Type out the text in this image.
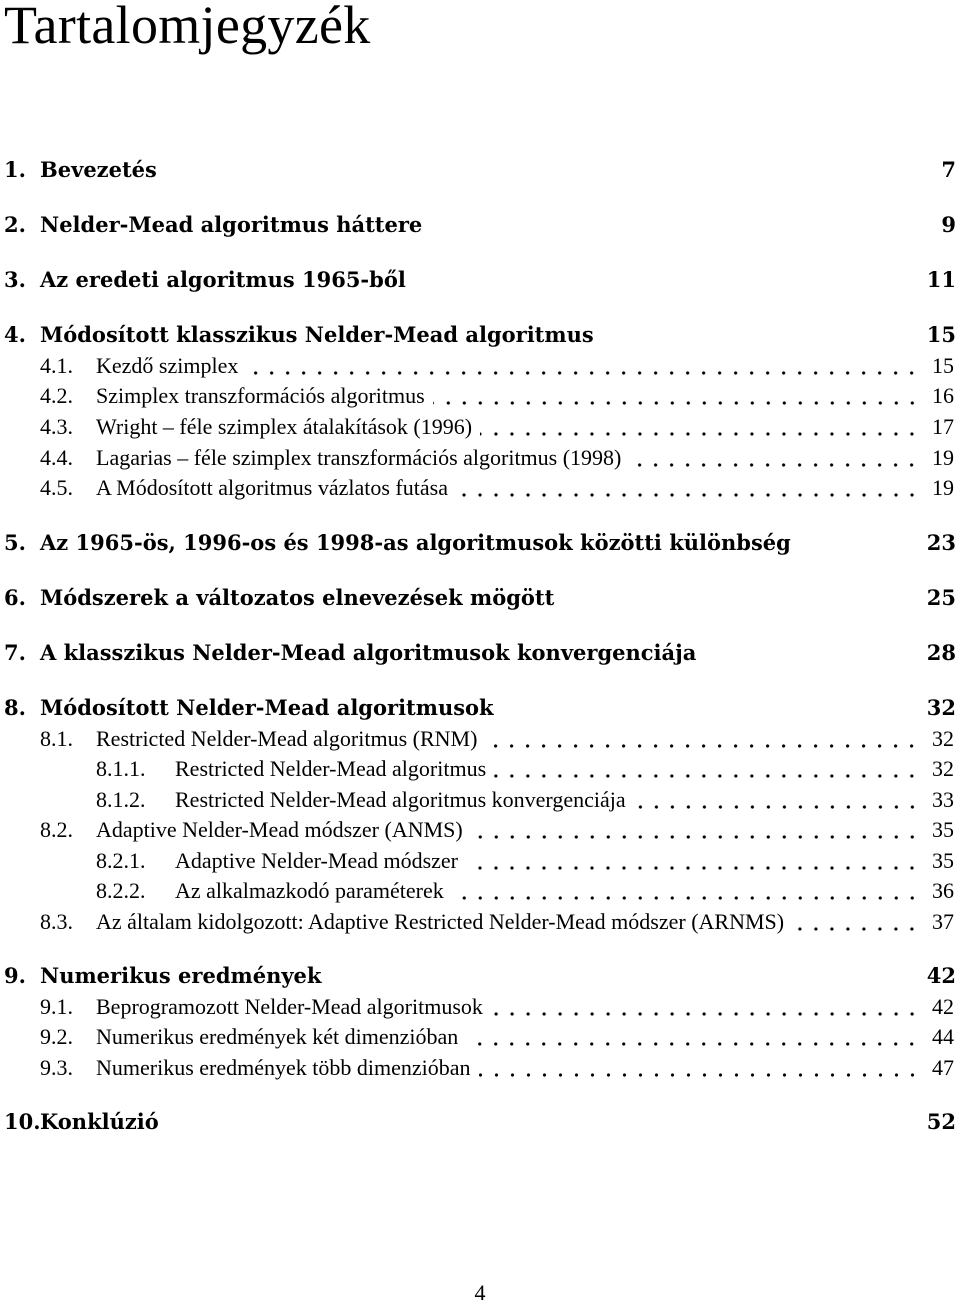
Tartalomjegyzék
1. Bevezetés	7
2. Nelder-Mead algoritmus háttere	9
3. Az eredeti algoritmus 1965-ből	11
4. Módosított klasszikus Nelder-Mead algoritmus	15
4.1. Kezdő szimplex	15
4.2. Szimplex transzformációs algoritmus	16
4.3. Wright – féle szimplex átalakítások (1996)	17
4.4. Lagarias – féle szimplex transzformációs algoritmus (1998)	19
4.5. A Módosított algoritmus vázlatos futása	19
5. Az 1965-ös, 1996-os és 1998-as algoritmusok közötti különbség	23
6. Módszerek a változatos elnevezések mögött	25
7. A klasszikus Nelder-Mead algoritmusok konvergenciája	28
8. Módosított Nelder-Mead algoritmusok	32
8.1. Restricted Nelder-Mead algoritmus (RNM)	32
8.1.1. Restricted Nelder-Mead algoritmus	32
8.1.2. Restricted Nelder-Mead algoritmus konvergenciája	33
8.2. Adaptive Nelder-Mead módszer (ANMS)	35
8.2.1. Adaptive Nelder-Mead módszer	35
8.2.2. Az alkalmazkodó paraméterek	36
8.3. Az általam kidolgozott: Adaptive Restricted Nelder-Mead módszer (ARNMS)	37
9. Numerikus eredmények	42
9.1. Beprogramozott Nelder-Mead algoritmusok	42
9.2. Numerikus eredmények két dimenzióban	44
9.3. Numerikus eredmények több dimenzióban	47
10. Konklúzió	52
4
